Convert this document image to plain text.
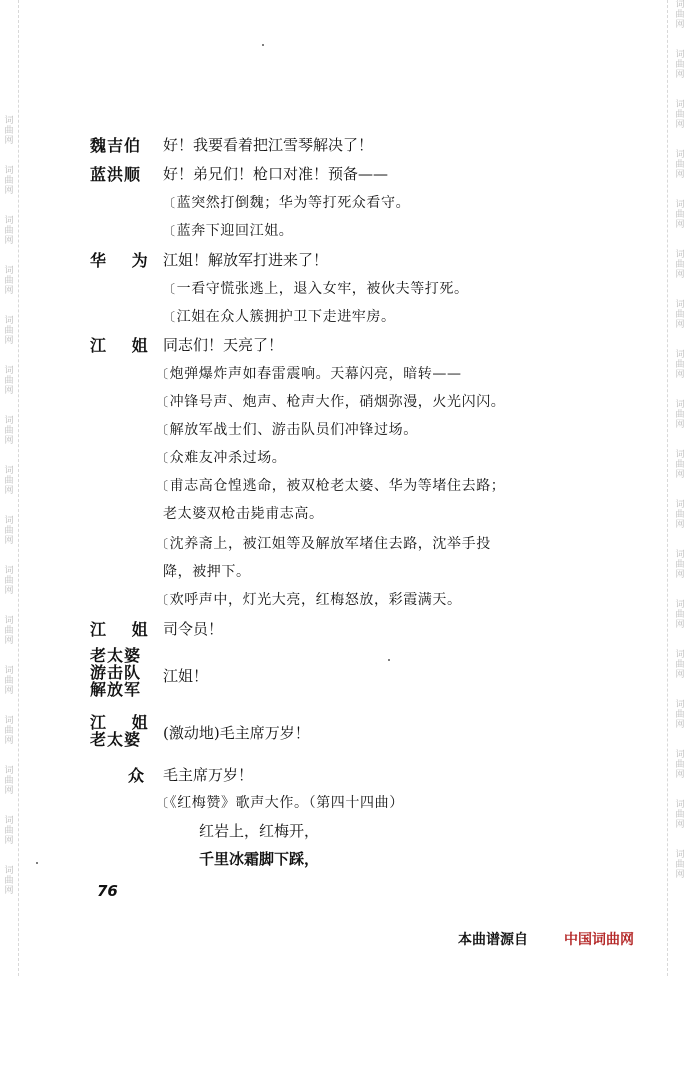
词
曲
网
词
曲
网
词
曲
网
词
曲
网
词
曲
网
词
曲
网
词
曲
网
词
曲
网
词
曲
网
词
曲
网
词
曲
网
词
曲
网
词
曲
网
词
曲
网
词
曲
网
词
曲
网
词
曲
网
词
曲
网
词
曲
网
词
曲
网
词
曲
网
词
曲
网
词
曲
网
词
曲
网
词
曲
网
词
曲
网
词
曲
网
词
曲
网
词
曲
网
词
曲
网
词
曲
网
词
曲
网
词
曲
网
词
曲
网
魏吉伯 好！我要看着把江雪琴解决了！
蓝洪顺 好！弟兄们！枪口对准！预备——
〔蓝突然打倒魏；华为等打死众看守。
〔蓝奔下迎回江姐。
华 为 江姐！解放军打进来了！
〔一看守慌张逃上，退入女牢，被伙夫等打死。
〔江姐在众人簇拥护卫下走进牢房。
江 姐 同志们！天亮了！
〔炮弹爆炸声如春雷震响。天幕闪亮，暗转——
〔冲锋号声、炮声、枪声大作，硝烟弥漫，火光闪闪。
〔解放军战士们、游击队员们冲锋过场。
〔众难友冲杀过场。
〔甫志高仓惶逃命，被双枪老太婆、华为等堵住去路；
老太婆双枪击毙甫志高。
〔沈养斋上，被江姐等及解放军堵住去路，沈举手投
降，被押下。
〔欢呼声中，灯光大亮，红梅怒放，彩霞满天。
江 姐 司令员！
老太婆
游击队
解放军
江姐！
江 姐
老太婆	(激动地)毛主席万岁！
众 毛主席万岁！
〔《红梅赞》歌声大作。（第四十四曲）
红岩上，红梅开，
千里冰霜脚下踩，
76
本曲谱源自	中国词曲网
